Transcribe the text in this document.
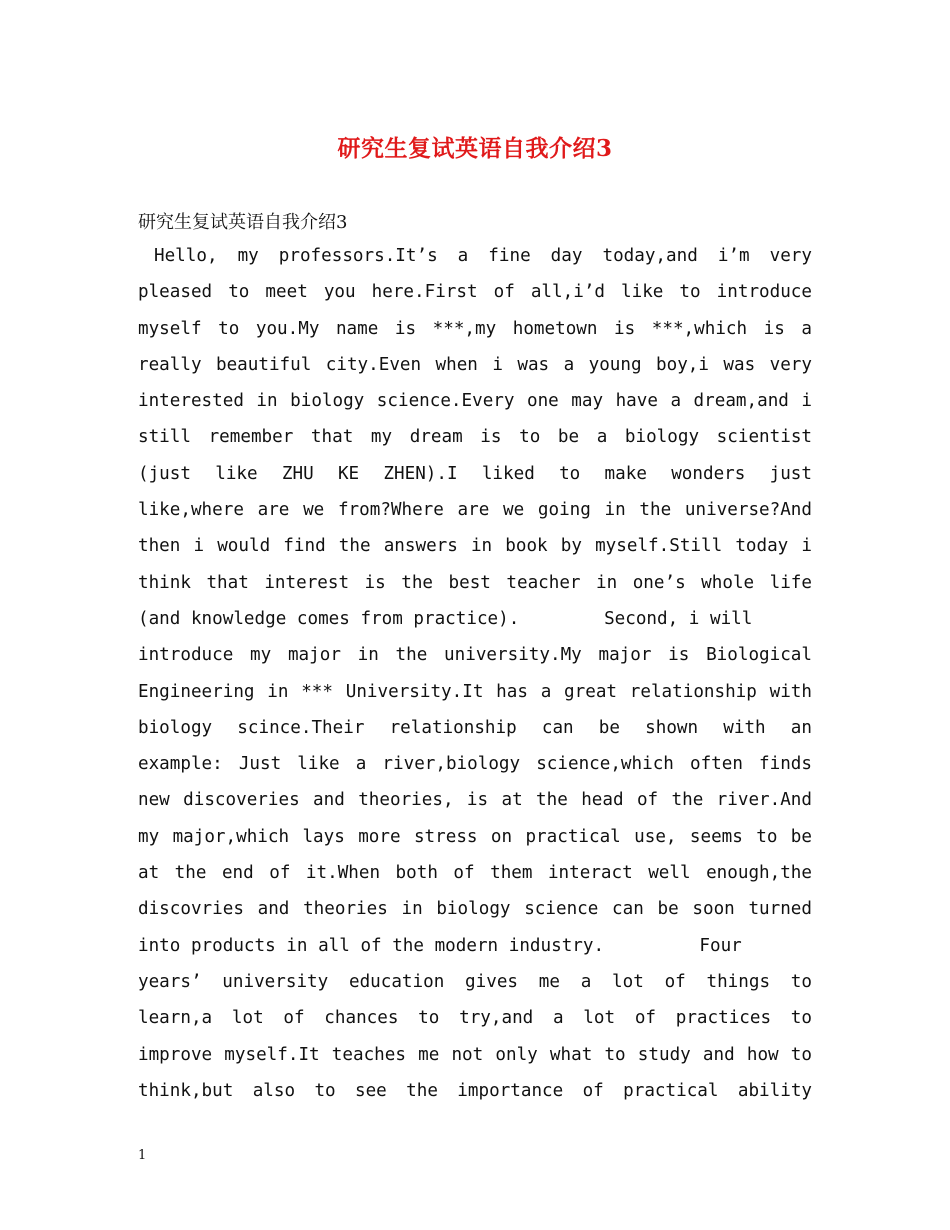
研究生复试英语自我介绍3
研究生复试英语自我介绍3
Hello, my professors.It’s a fine day today,and i’m very
pleased to meet you here.First of all,i’d like to introduce
myself to you.My name is ***,my hometown is ***,which is a
really beautiful city.Even when i was a young boy,i was very
interested in biology science.Every one may have a dream,and i
still remember that my dream is to be a biology scientist
(just like ZHU KE ZHEN).I liked to make wonders just
like,where are we from?Where are we going in the universe?And
then i would find the answers in book by myself.Still today i
think that interest is the best teacher in one’s whole life
(and knowledge comes from practice).        Second, i will
introduce my major in the university.My major is Biological
Engineering in *** University.It has a great relationship with
biology scince.Their relationship can be shown with an
example: Just like a river,biology science,which often finds
new discoveries and theories, is at the head of the river.And
my major,which lays more stress on practical use, seems to be
at the end of it.When both of them interact well enough,the
discovries and theories in biology science can be soon turned
into products in all of the modern industry.         Four
years’ university education gives me a lot of things to
learn,a lot of chances to try,and a lot of practices to
improve myself.It teaches me not only what to study and how to
think,but also to see the importance of practical ability
1
